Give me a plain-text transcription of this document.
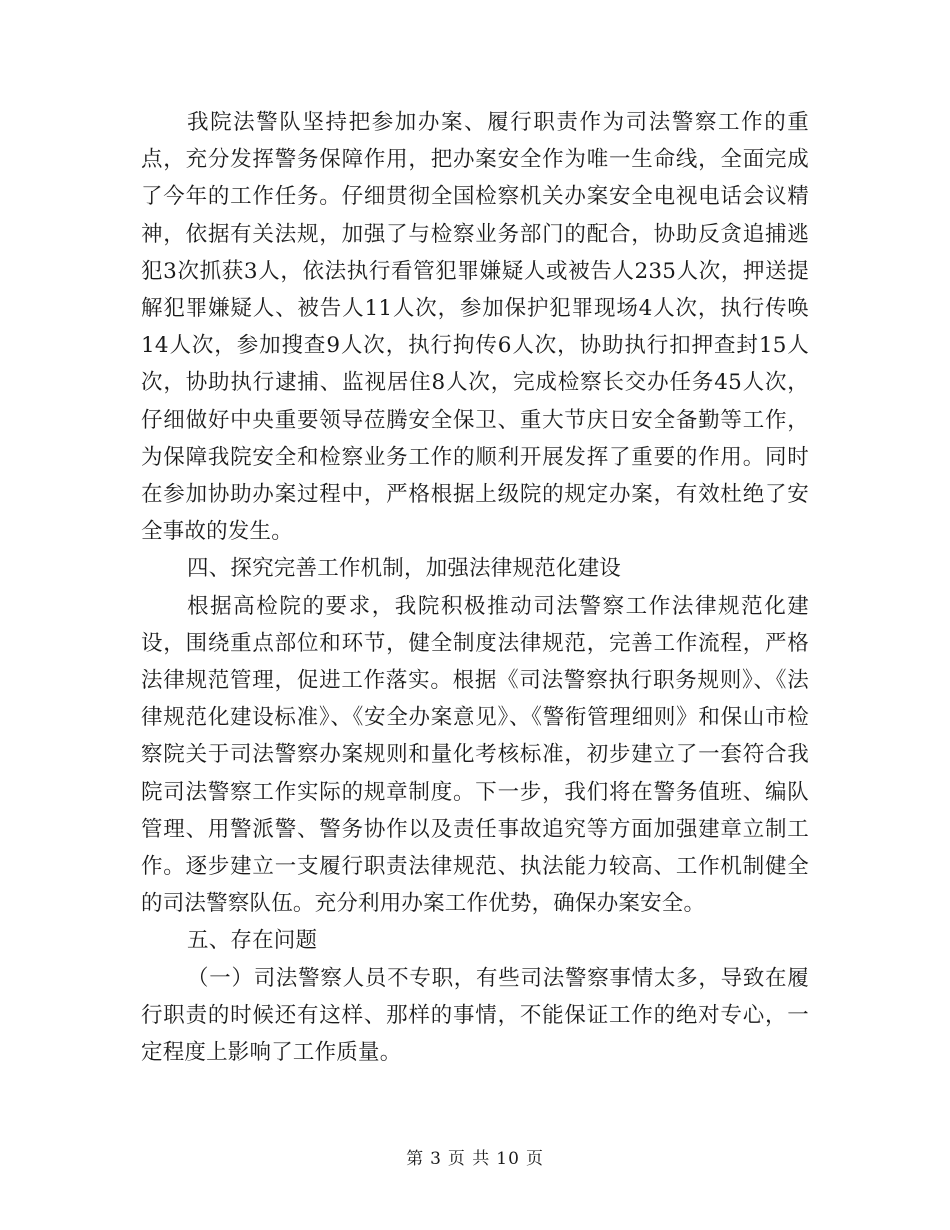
我院法警队坚持把参加办案、履行职责作为司法警察工作的重点，充分发挥警务保障作用，把办案安全作为唯一生命线，全面完成了今年的工作任务。仔细贯彻全国检察机关办案安全电视电话会议精神，依据有关法规，加强了与检察业务部门的配合，协助反贪追捕逃犯3次抓获3人，依法执行看管犯罪嫌疑人或被告人235人次，押送提解犯罪嫌疑人、被告人11人次，参加保护犯罪现场4人次，执行传唤14人次，参加搜查9人次，执行拘传6人次，协助执行扣押查封15人次，协助执行逮捕、监视居住8人次，完成检察长交办任务45人次，仔细做好中央重要领导莅腾安全保卫、重大节庆日安全备勤等工作，为保障我院安全和检察业务工作的顺利开展发挥了重要的作用。同时在参加协助办案过程中，严格根据上级院的规定办案，有效杜绝了安全事故的发生。

四、探究完善工作机制，加强法律规范化建设

根据高检院的要求，我院积极推动司法警察工作法律规范化建设，围绕重点部位和环节，健全制度法律规范，完善工作流程，严格法律规范管理，促进工作落实。根据《司法警察执行职务规则》、《法律规范化建设标准》、《安全办案意见》、《警衔管理细则》和保山市检察院关于司法警察办案规则和量化考核标准，初步建立了一套符合我院司法警察工作实际的规章制度。下一步，我们将在警务值班、编队管理、用警派警、警务协作以及责任事故追究等方面加强建章立制工作。逐步建立一支履行职责法律规范、执法能力较高、工作机制健全的司法警察队伍。充分利用办案工作优势，确保办案安全。

五、存在问题

（一）司法警察人员不专职，有些司法警察事情太多，导致在履行职责的时候还有这样、那样的事情，不能保证工作的绝对专心，一定程度上影响了工作质量。

第 3 页 共 10 页
